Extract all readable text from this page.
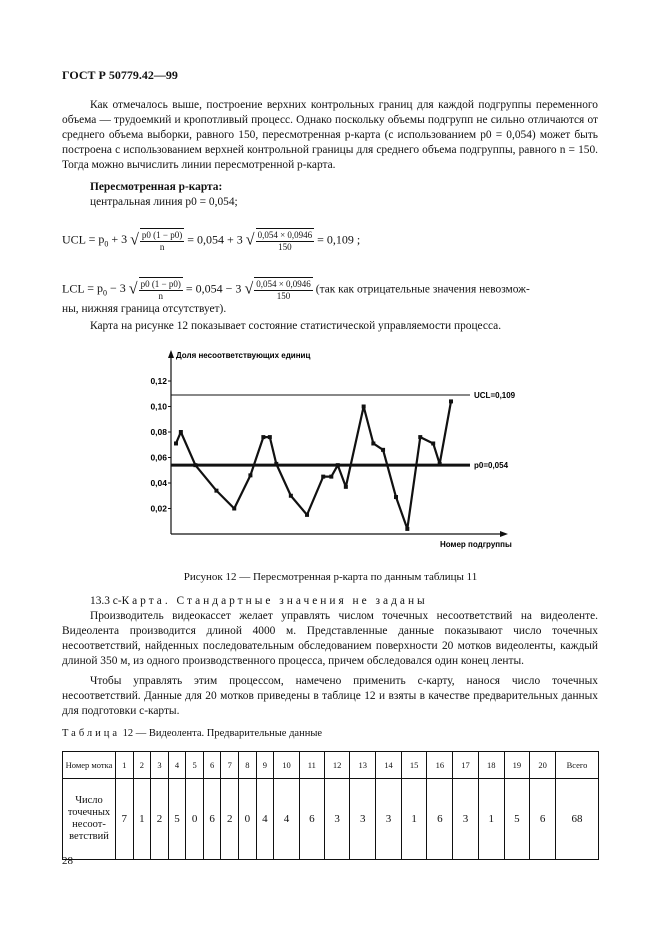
ГОСТ Р 50779.42—99
Как отмечалось выше, построение верхних контрольных границ для каждой подгруппы переменного объема — трудоемкий и кропотливый процесс. Однако поскольку объемы подгрупп не сильно отличаются от среднего объема выборки, равного 150, пересмотренная p-карта (с использованием p0 = 0,054) может быть построена с использованием верхней контрольной границы для среднего объема подгруппы, равного n = 150. Тогда можно вычислить линии пересмотренной p-карта.
Пересмотренная p-карта:
центральная линия p0 = 0,054;
UCL = $p_0 + 3$ √ $\frac{p0 (1 - p0)}{n} = 0,054 + 3$ √ $\frac{0,054 \times 0,0946}{150} = 0,109$ ;
LCL = $p_0 - 3$ √ $\frac{p0 (1 - p0)}{n} = 0,054 - 3$ √ $\frac{0,054 \times 0,0946}{150} (так$ как отрицательные значения невозмож-
ны, нижняя граница отсутствует).
Карта на рисунке 12 показывает состояние статистической управляемости процесса.
Доля несоответствующих единиц
Номер подгруппы
0,02
0,04
0,06
0,08
0,10
0,12
UCL=0,109
p0=0,054
Рисунок 12 — Пересмотренная p-карта по данным таблицы 11
13.3 c-Карта. Стандартные значения не заданы
Производитель видеокассет желает управлять числом точечных несоответствий на видеоленте. Видеолента производится длиной 4000 м. Представленные данные показывают число точечных несоответствий, найденных последовательным обследованием поверхности 20 мотков видеоленты, каждый длиной 350 м, из одного производственного процесса, причем обследовался один конец ленты.
Чтобы управлять этим процессом, намечено применить c-карту, нанося число точечных несоответствий. Данные для 20 мотков приведены в таблице 12 и взяты в качестве предварительных данных для подготовки c-карты.
Таблица 12 — Видеолента. Предварительные данные
Номер мотка	1	2	3	4	5	6	7	8	9	10	11	12	13	14	15	16	17	18	19	20	Всего
Число точечных несоот-ветствий	7	1	2	5	0	6	2	0	4	4	6	3	3	3	1	6	3	1	5	6	68
28
